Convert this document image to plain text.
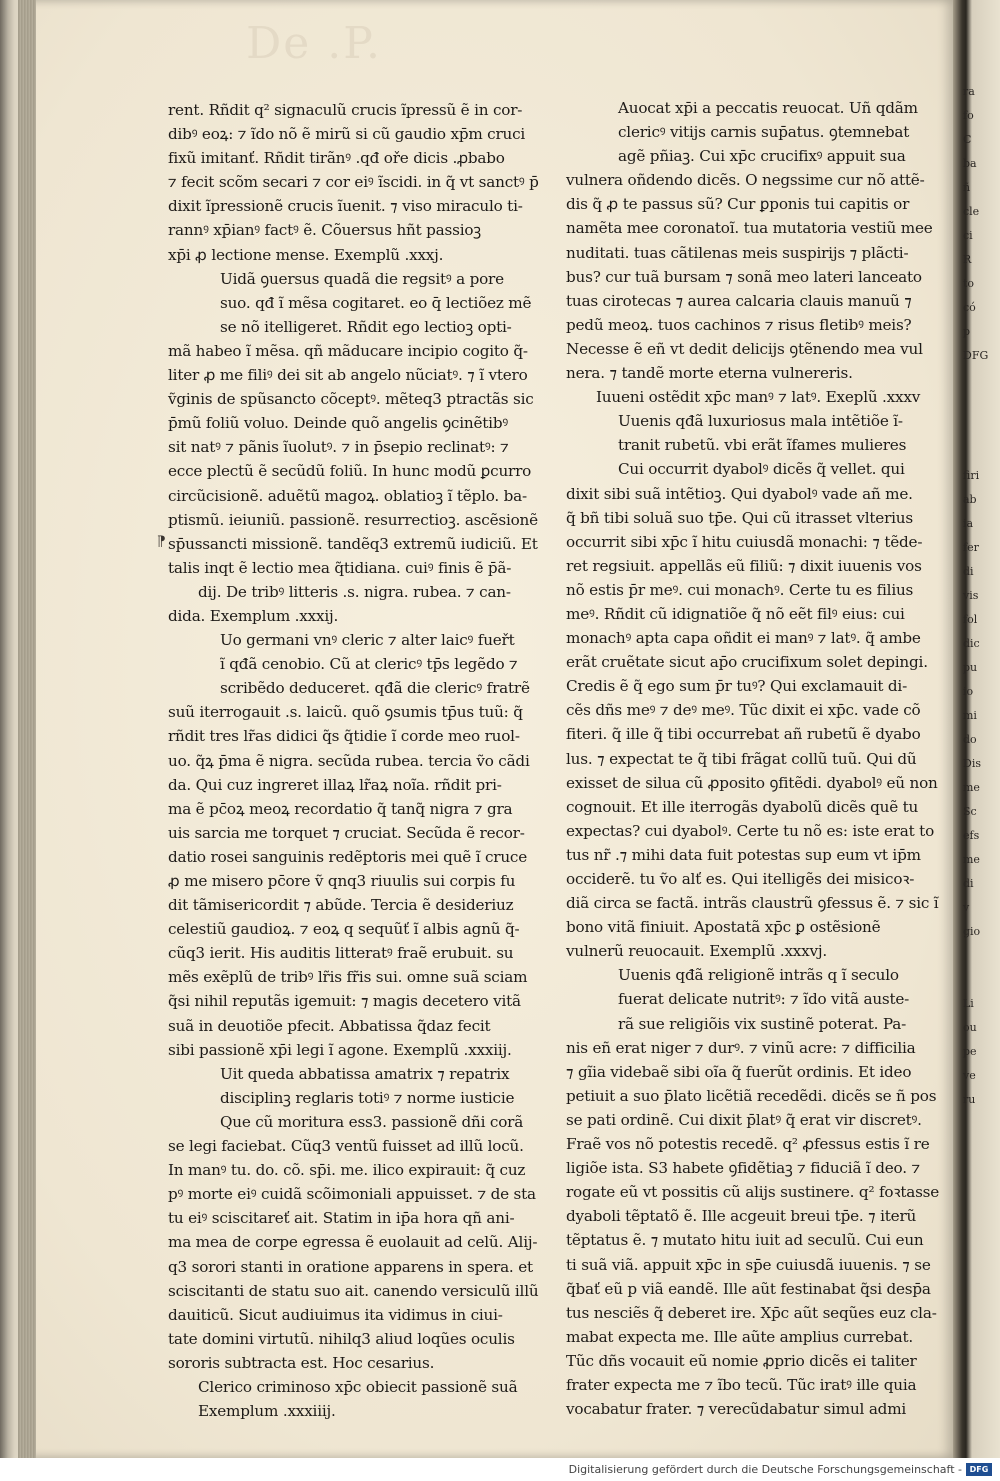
De .P.
⁋
rent. Rñdit q² signaculũ crucis ĩpressũ ẽ in cor-
dibꝰ eoꝝ: ⁊ ĩdo nõ ẽ mirũ si cũ gaudio xp̄m cruci
fixũ imitanť. Rñdit tirãnꝰ .qđ oře dicis .ꝓbabo
⁊ fecit scõm secari ⁊ cor eiꝰ ĩscidi. in q̃ vt sanctꝰ p̄
dixit ĩpressionẽ crucis ĩuenit. ⁊ viso miraculo ti-
rannꝰ xp̄ianꝰ factꝰ ẽ. Cõuersus hñt passioꝫ
xp̄i ꝓ lectione mense. Exemplũ .xxxj.
Uidã ꝯuersus quadã die regsitꝰ a pore
suo. qđ ĩ mẽsa cogitaret. eo q̄ lectiõez mẽ
se nõ itelligeret. Rñdit ego lectioꝫ opti-
mã habeo ĩ mẽsa. qñ mãducare incipio cogito q̃-
liter ꝓ me filiꝰ dei sit ab angelo nũciatꝰ. ⁊ ĩ vtero
ṽginis de spũsancto cõceptꝰ. mẽteq3 ptractãs sic
p̄mũ foliũ voluo. Deinde quõ angelis ꝯcinẽtibꝰ
sit natꝰ ⁊ pãnis ĩuolutꝰ. ⁊ in p̄sepio reclinatꝰ: ⁊
ecce plectũ ẽ secũdũ foliũ. In hunc modũ ꝑcurro
circũcisionẽ. aduẽtũ magoꝝ. oblatioꝫ ĩ tẽplo. ba-
ptismũ. ieiuniũ. passionẽ. resurrectioꝫ. ascẽsionẽ
sp̄ussancti missionẽ. tandẽq3 extremũ iudiciũ. Et
talis inqt ẽ lectio mea q̃tidiana. cuiꝰ finis ẽ p̄ã-
dij. De tribꝰ litteris .s. nigra. rubea. ⁊ can-
dida. Exemplum .xxxij.
Uo germani vnꝰ cleric ⁊ alter laicꝰ fueřt
ĩ qđã cenobio. Cũ at clericꝰ tp̄s legẽdo ⁊
scribẽdo deduceret. qđã die clericꝰ fratrẽ
suũ iterrogauit .s. laicũ. quõ ꝯsumis tp̄us tuũ: q̃
rñdit tres lr̃as didici q̃s q̃tidie ĩ corde meo ruol-
uo. q̃ꝝ p̄ma ẽ nigra. secũda rubea. tercia ṽo cãdi
da. Qui cuz ingreret illaꝝ lr̃aꝝ noĩa. rñdit pri-
ma ẽ pc̄oꝝ meoꝝ recordatio q̃ tanq̃ nigra ⁊ gra
uis sarcia me torquet ⁊ cruciat. Secũda ẽ recor-
datio rosei sanguinis redẽptoris mei quẽ ĩ cruce
ꝓ me misero pc̄ore ṽ qnq3 riuulis sui corpis fu
dit tãmisericordit ⁊ abũde. Tercia ẽ desideriuz
celestiũ gaudioꝝ. ⁊ eoꝝ q sequũť ĩ albis agnũ q̃-
cũq3 ierit. His auditis litteratꝰ fraẽ erubuit. su
mẽs exẽplũ de tribꝰ lr̃is fr̃is sui. omne suã sciam
q̃si nihil reputãs igemuit: ⁊ magis decetero vitã
suã in deuotiõe pfecit. Abbatissa q̃daz fecit
sibi passionẽ xp̄i legi ĩ agone. Exemplũ .xxxiij.
Uit queda abbatissa amatrix ⁊ repatrix
disciplinꝫ reglaris totiꝰ ⁊ norme iusticie
Que cũ moritura ess3. passionẽ dñi corã
se legi faciebat. Cũq3 ventũ fuisset ad illũ locũ.
In manꝰ tu. do. cõ. sp̄i. me. ilico expirauit: q̃ cuz
pꝰ morte eiꝰ cuidã scõimoniali appuisset. ⁊ de sta
tu eiꝰ sciscitareť ait. Statim in ip̄a hora qñ ani-
ma mea de corpe egressa ẽ euolauit ad celũ. Alij-
q3 sorori stanti in oratione apparens in spera. et
sciscitanti de statu suo ait. canendo versiculũ illũ
dauiticũ. Sicut audiuimus ita vidimus in ciui-
tate domini virtutũ. nihilq3 aliud loqũes oculis
sororis subtracta est. Hoc cesarius.
Clerico criminoso xp̄c obiecit passionẽ suã
Exemplum .xxxiiij.
Auocat xp̄i a peccatis reuocat. Uñ qdãm
clericꝰ vitijs carnis sup̄atus. ꝯtemnebat
agẽ pñiaꝫ. Cui xp̄c crucifixꝰ appuit sua
vulnera oñdendo dicẽs. O negssime cur nõ attẽ-
dis q̃ ꝓ te passus sũ? Cur ꝑponis tui capitis or
namẽta mee coronatoĩ. tua mutatoria vestiũ mee
nuditati. tuas cãtilenas meis suspirijs ⁊ plãcti-
bus? cur tuã bursam ⁊ sonã meo lateri lanceato
tuas cirotecas ⁊ aurea calcaria clauis manuũ ⁊
pedũ meoꝝ. tuos cachinos ⁊ risus fletibꝰ meis?
Necesse ẽ eñ vt dedit delicijs ꝯtẽnendo mea vul
nera. ⁊ tandẽ morte eterna vulnereris.
Iuueni ostẽdit xp̄c manꝰ ⁊ latꝰ. Exeplũ .xxxv
Uuenis qđã luxuriosus mala intẽtiõe ĩ-
tranit rubetũ. vbi erãt ĩfames mulieres
Cui occurrit dyabolꝰ dicẽs q̃ vellet. qui
dixit sibi suã intẽtioꝫ. Qui dyabolꝰ vade añ me.
q̃ bñ tibi soluã suo tp̄e. Qui cũ itrasset vlterius
occurrit sibi xp̄c ĩ hitu cuiusdã monachi: ⁊ tẽde-
ret regsiuit. appellãs eũ filiũ: ⁊ dixit iuuenis vos
nõ estis p̄r meꝰ. cui monachꝰ. Certe tu es filius
meꝰ. Rñdit cũ idignatiõe q̃ nõ eẽt filꝰ eius: cui
monachꝰ apta capa oñdit ei manꝰ ⁊ latꝰ. q̃ ambe
erãt cruẽtate sicut ap̄o crucifixum solet depingi.
Credis ẽ q̃ ego sum p̄r tuꝰ? Qui exclamauit di-
cẽs dñs meꝰ ⁊ deꝰ meꝰ. Tũc dixit ei xp̄c. vade cõ
fiteri. q̃ ille q̃ tibi occurrebat añ rubetũ ẽ dyabo
lus. ⁊ expectat te q̃ tibi frãgat collũ tuũ. Qui dũ
exisset de silua cũ ꝓposito ꝯfitẽdi. dyabolꝰ eũ non
cognouit. Et ille iterrogãs dyabolũ dicẽs quẽ tu
expectas? cui dyabolꝰ. Certe tu nõ es: iste erat to
tus nr̃ .⁊ mihi data fuit potestas sup eum vt ip̄m
occiderẽ. tu ṽo alť es. Qui itelligẽs dei misicoꝛ-
diã circa se factã. intrãs claustrũ ꝯfessus ẽ. ⁊ sic ĩ
bono vitã finiuit. Apostatã xp̄c ꝑ ostẽsionẽ
vulnerũ reuocauit. Exemplũ .xxxvj.
Uuenis qđã religionẽ intrãs q ĩ seculo
fuerat delicate nutritꝰ: ⁊ ĩdo vitã auste-
rã sue religiõis vix sustinẽ poterat. Pa-
nis eñ erat niger ⁊ durꝰ. ⁊ vinũ acre: ⁊ difficilia
⁊ gĩia videbaẽ sibi oĩa q̃ fuerũt ordinis. Et ideo
petiuit a suo p̄lato licẽtiã recedẽdi. dicẽs se ñ pos
se pati ordinẽ. Cui dixit p̄latꝰ q̃ erat vir discretꝰ.
Fraẽ vos nõ potestis recedẽ. q² ꝓfessus estis ĩ re
ligiõe ista. S3 habete ꝯfidẽtiaꝫ ⁊ fiduciã ĩ deo. ⁊
rogate eũ vt possitis cũ alijs sustinere. q² foꝛtasse
dyaboli tẽptatõ ẽ. Ille acgeuit breui tp̄e. ⁊ iterũ
tẽptatus ẽ. ⁊ mutato hitu iuit ad seculũ. Cui eun
ti suã viã. appuit xp̄c in sp̄e cuiusdã iuuenis. ⁊ se
q̃bať eũ p viã eandẽ. Ille aũt festinabat q̃si desp̄a
tus nesciẽs q̃ deberet ire. Xp̄c aũt seqũes euz cla-
mabat expecta me. Ille aũte amplius currebat.
Tũc dñs vocauit eũ nomie ꝓprio dicẽs ei taliter
frater expecta me ⁊ ĩbo tecũ. Tũc iratꝰ ille quia
vocabatur frater. ⁊ verecũdabatur simul admi
ra
fo
C
ba
ñ
cle
ci
R
to
có
p
DFG
firi
ab
ia
fer
di
vis
fol
dic
pu
io
mi
do
Dis
me
Sc
efs
me
di
v
gio
Li
ou
pe
ve
ru
Digitalisierung gefördert durch die Deutsche Forschungsgemeinschaft - DFG
